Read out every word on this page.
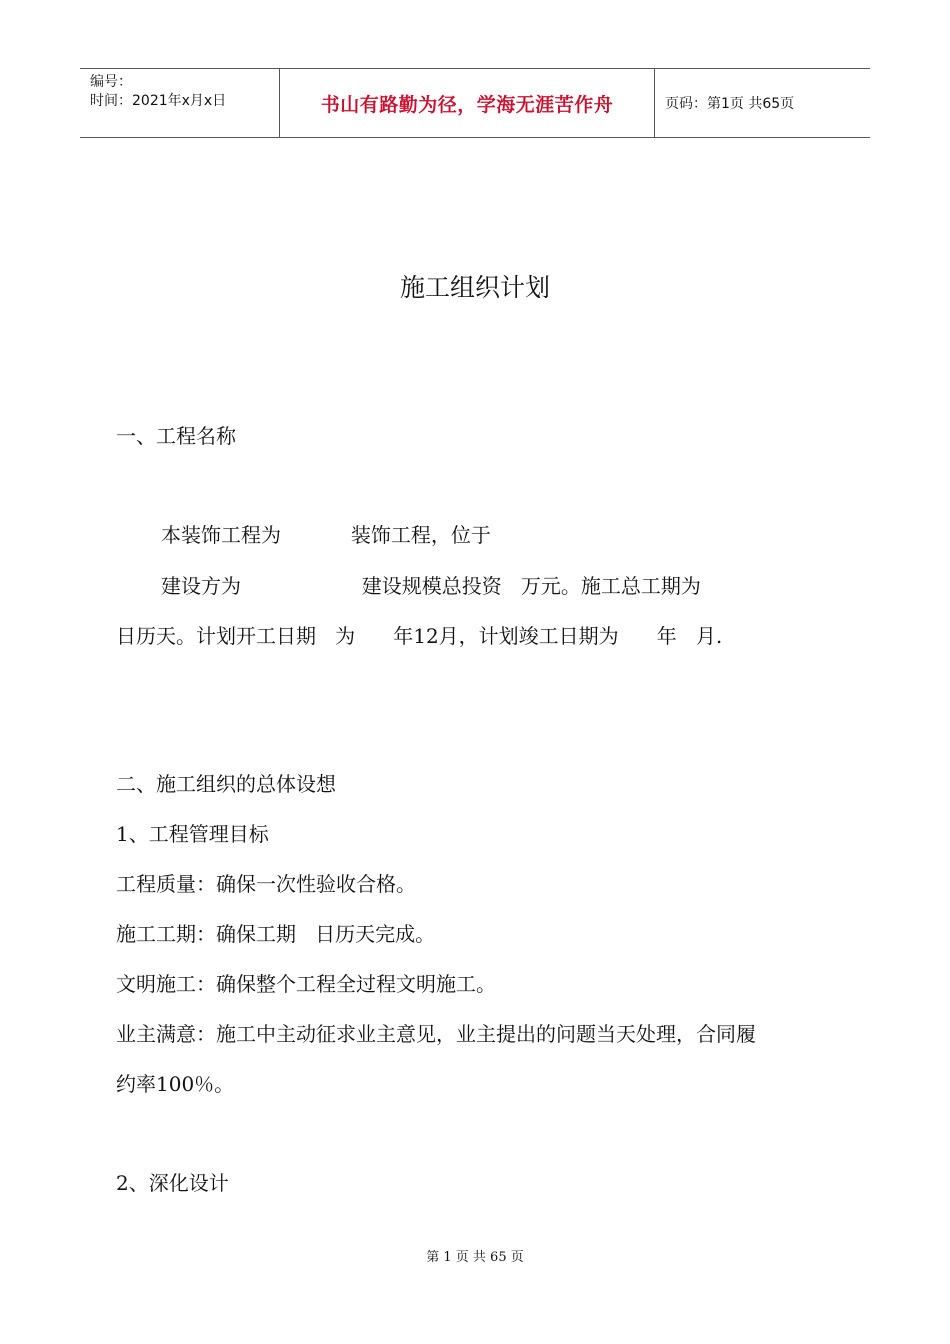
编号：
时间：2021年x月x日	书山有路勤为径，学海无涯苦作舟	页码：第1页 共65页
施工组织计划
一、工程名称
本装饰工程为           装饰工程，位于
建设方为                   建设规模总投资   万元。施工总工期为
日历天。计划开工日期   为      年12月，计划竣工日期为      年   月.
二、施工组织的总体设想
1、工程管理目标
工程质量：确保一次性验收合格。
施工工期：确保工期   日历天完成。
文明施工：确保整个工程全过程文明施工。
业主满意：施工中主动征求业主意见，业主提出的问题当天处理，合同履
约率100％。
2、深化设计
第 1 页 共 65 页
